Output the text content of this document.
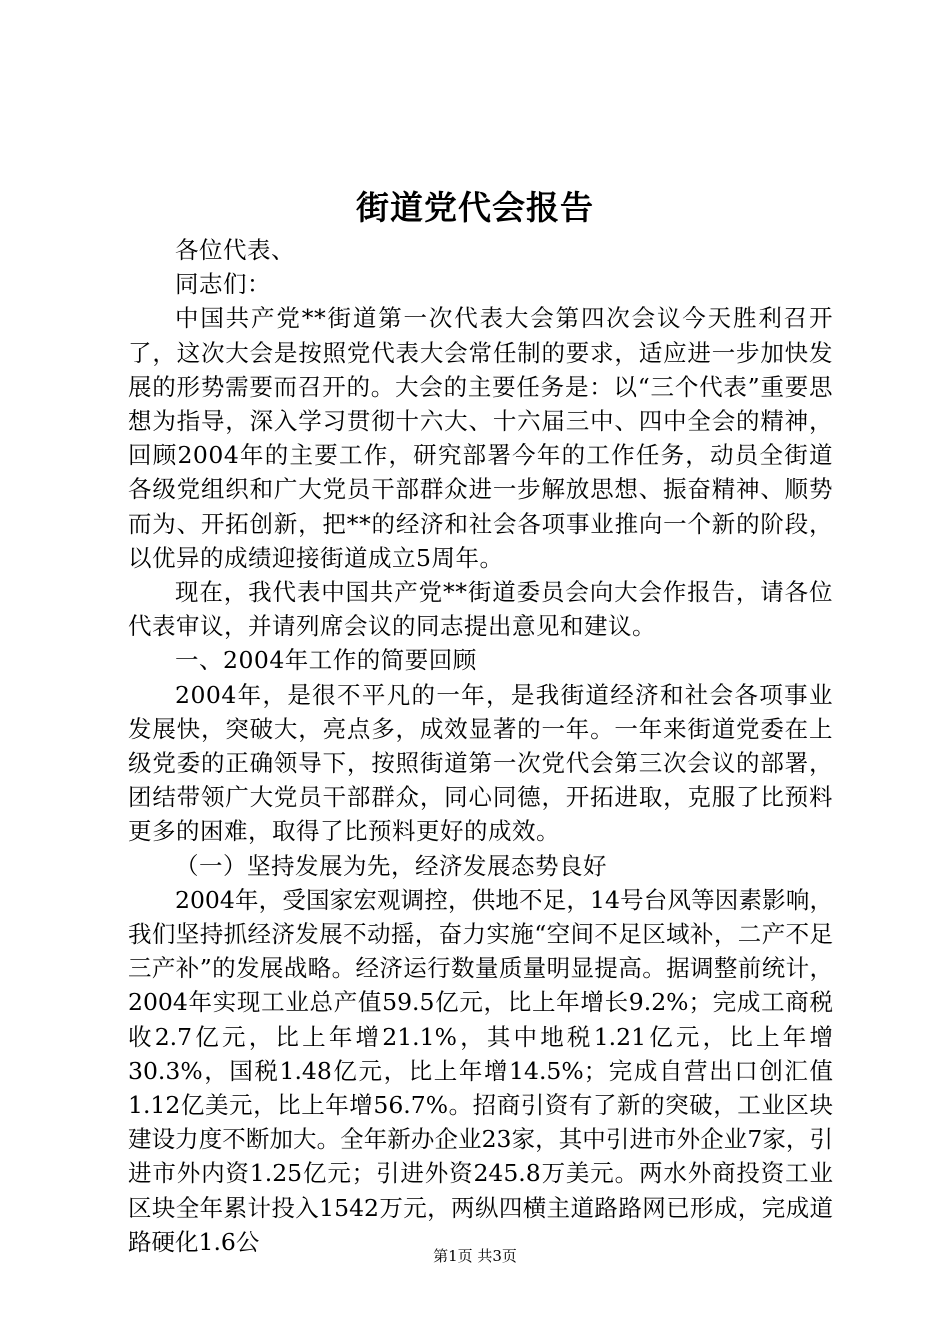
街道党代会报告

各位代表、

同志们：

中国共产党**街道第一次代表大会第四次会议今天胜利召开了，这次大会是按照党代表大会常任制的要求，适应进一步加快发展的形势需要而召开的。大会的主要任务是：以“三个代表”重要思想为指导，深入学习贯彻十六大、十六届三中、四中全会的精神，回顾2004年的主要工作，研究部署今年的工作任务，动员全街道各级党组织和广大党员干部群众进一步解放思想、振奋精神、顺势而为、开拓创新，把**的经济和社会各项事业推向一个新的阶段，以优异的成绩迎接街道成立5周年。

现在，我代表中国共产党**街道委员会向大会作报告，请各位代表审议，并请列席会议的同志提出意见和建议。

一、2004年工作的简要回顾

2004年，是很不平凡的一年，是我街道经济和社会各项事业发展快，突破大，亮点多，成效显著的一年。一年来街道党委在上级党委的正确领导下，按照街道第一次党代会第三次会议的部署，团结带领广大党员干部群众，同心同德，开拓进取，克服了比预料更多的困难，取得了比预料更好的成效。

（一）坚持发展为先，经济发展态势良好

2004年，受国家宏观调控，供地不足，14号台风等因素影响，我们坚持抓经济发展不动摇，奋力实施“空间不足区域补，二产不足三产补”的发展战略。经济运行数量质量明显提高。据调整前统计，2004年实现工业总产值59.5亿元，比上年增长9.2%；完成工商税收2.7亿元，比上年增21.1%，其中地税1.21亿元，比上年增30.3%，国税1.48亿元，比上年增14.5%；完成自营出口创汇值1.12亿美元，比上年增56.7%。招商引资有了新的突破，工业区块建设力度不断加大。全年新办企业23家，其中引进市外企业7家，引进市外内资1.25亿元；引进外资245.8万美元。两水外商投资工业区块全年累计投入1542万元，两纵四横主道路路网已形成，完成道路硬化1.6公

第1页 共3页
